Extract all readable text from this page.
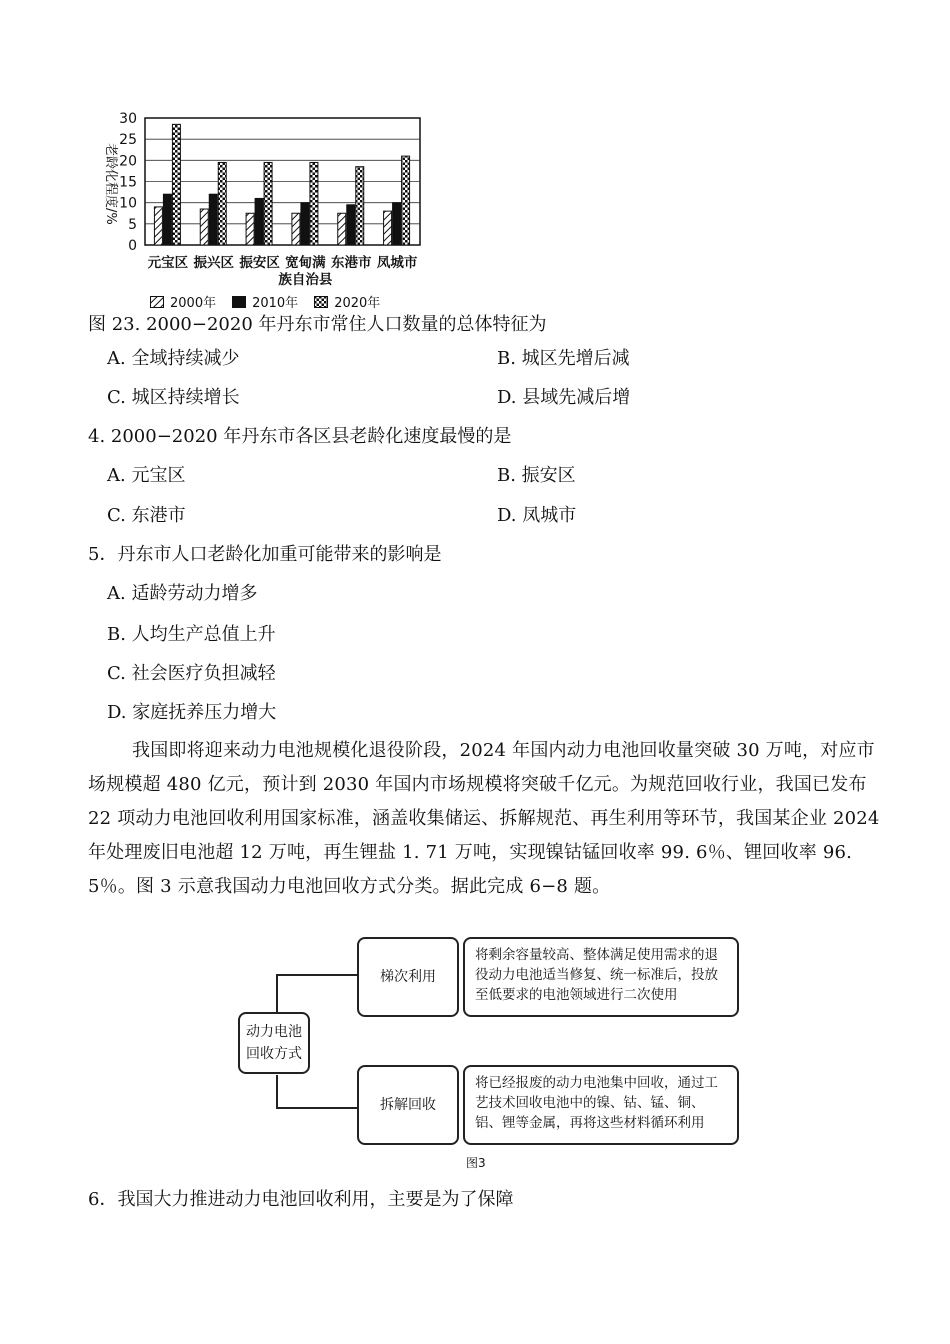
0
5
10
15
20
25
30
元宝区 振兴区 振安区 宽甸满
族自治县
东港市 凤城市
老龄化程度/%
2000年	2010年	2020年
图 23. 2000−2020 年丹东市常住人口数量的总体特征为
A. 全域持续减少	B. 城区先增后减
C. 城区持续增长	D. 县域先减后增
4. 2000−2020 年丹东市各区县老龄化速度最慢的是
A. 元宝区	B. 振安区
C. 东港市	D. 凤城市
5．丹东市人口老龄化加重可能带来的影响是
A. 适龄劳动力增多
B. 人均生产总值上升
C. 社会医疗负担减轻
D. 家庭抚养压力增大
我国即将迎来动力电池规模化退役阶段，2024 年国内动力电池回收量突破 30 万吨，对应市场规模超 480 亿元，预计到 2030 年国内市场规模将突破千亿元。为规范回收行业，我国已发布 22 项动力电池回收利用国家标准，涵盖收集储运、拆解规范、再生利用等环节，我国某企业 2024 年处理废旧电池超 12 万吨，再生锂盐 1. 71 万吨，实现镍钴锰回收率 99. 6％、锂回收率 96. 5％。图 3 示意我国动力电池回收方式分类。据此完成 6−8 题。
动力电池
回收方式
梯次利用
将剩余容量较高、整体满足使用需求的退役动力电池适当修复、统一标准后，投放至低要求的电池领域进行二次使用
拆解回收
将已经报废的动力电池集中回收，通过工艺技术回收电池中的镍、钴、锰、铜、铝、锂等金属，再将这些材料循环利用
图3
6．我国大力推进动力电池回收利用，主要是为了保障
